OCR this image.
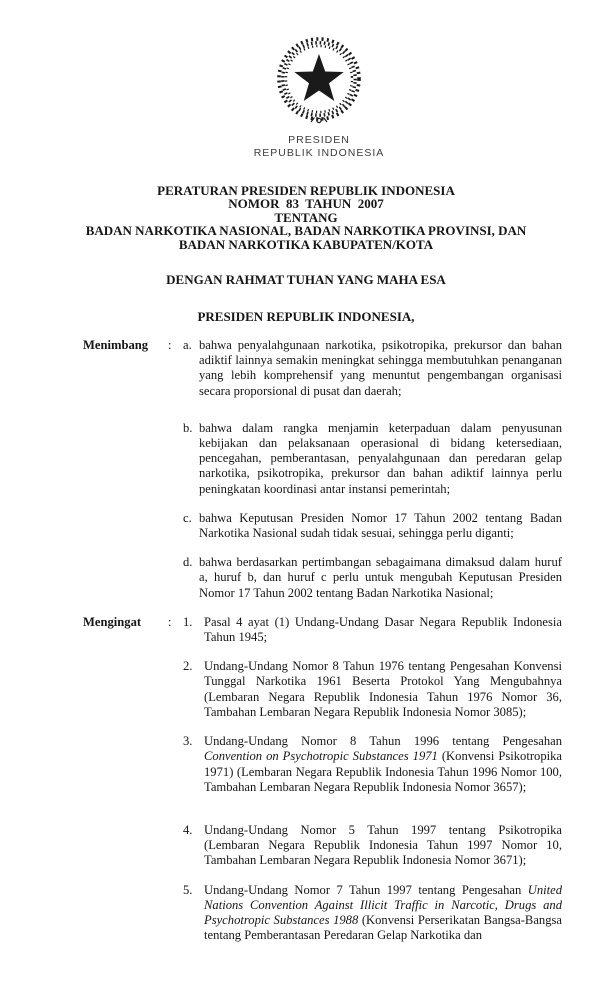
PRESIDEN
REPUBLIK INDONESIA
PERATURAN PRESIDEN REPUBLIK INDONESIA
NOMOR  83  TAHUN  2007
TENTANG
BADAN NARKOTIKA NASIONAL, BADAN NARKOTIKA PROVINSI, DAN
BADAN NARKOTIKA KABUPATEN/KOTA
DENGAN RAHMAT TUHAN YANG MAHA ESA
PRESIDEN REPUBLIK INDONESIA,
Menimbang	: a. bahwa penyalahgunaan narkotika, psikotropika, prekursor dan bahan adiktif lainnya semakin meningkat sehingga membutuhkan penanganan yang lebih komprehensif yang menuntut pengembangan organisasi secara proporsional di pusat dan daerah;
b. bahwa dalam rangka menjamin keterpaduan dalam penyusunan kebijakan dan pelaksanaan operasional di bidang ketersediaan, pencegahan, pemberantasan, penyalahgunaan dan peredaran gelap narkotika, psikotropika, prekursor dan bahan adiktif lainnya perlu peningkatan koordinasi antar instansi pemerintah;
c. bahwa Keputusan Presiden Nomor 17 Tahun 2002 tentang Badan Narkotika Nasional sudah tidak sesuai, sehingga perlu diganti;
d. bahwa berdasarkan pertimbangan sebagaimana dimaksud dalam huruf a, huruf b, dan huruf c perlu untuk mengubah Keputusan Presiden Nomor 17 Tahun 2002 tentang Badan Narkotika Nasional;
Mengingat	: 1. Pasal 4 ayat (1) Undang-Undang Dasar Negara Republik Indonesia Tahun 1945;
2. Undang-Undang Nomor 8 Tahun 1976 tentang Pengesahan Konvensi Tunggal Narkotika 1961 Beserta Protokol Yang Mengubahnya (Lembaran Negara Republik Indonesia Tahun 1976 Nomor 36, Tambahan Lembaran Negara Republik Indonesia Nomor 3085);
3. Undang-Undang Nomor 8 Tahun 1996 tentang Pengesahan Convention on Psychotropic Substances 1971 (Konvensi Psikotropika 1971) (Lembaran Negara Republik Indonesia Tahun 1996 Nomor 100, Tambahan Lembaran Negara Republik Indonesia Nomor 3657);
4. Undang-Undang Nomor 5 Tahun 1997 tentang Psikotropika (Lembaran Negara Republik Indonesia Tahun 1997 Nomor 10, Tambahan Lembaran Negara Republik Indonesia Nomor 3671);
5. Undang-Undang Nomor 7 Tahun 1997 tentang Pengesahan United Nations Convention Against Illicit Traffic in Narcotic, Drugs and Psychotropic Substances 1988 (Konvensi Perserikatan Bangsa-Bangsa tentang Pemberantasan Peredaran Gelap Narkotika dan
